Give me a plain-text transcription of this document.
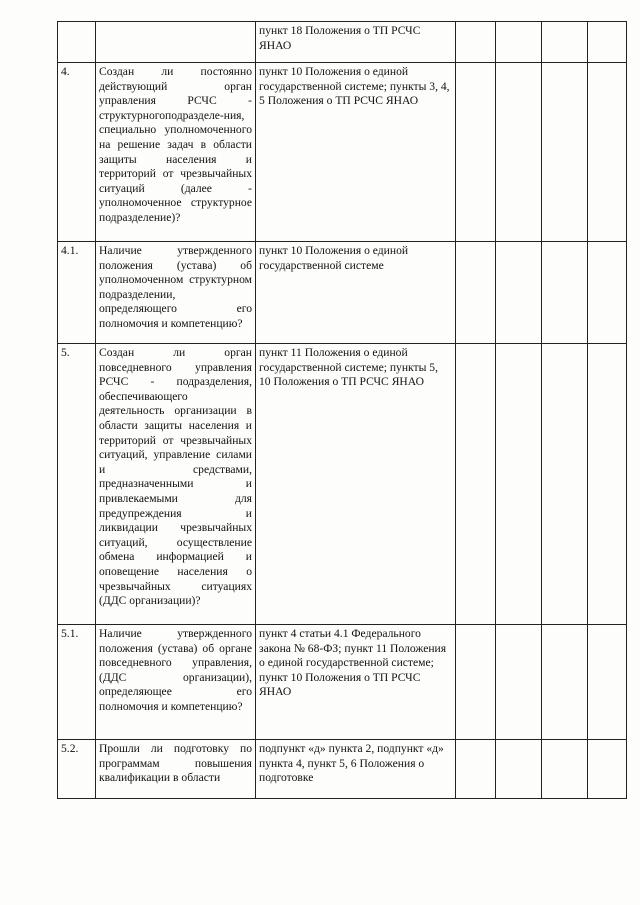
		пункт 18 Положения о ТП РСЧС ЯНАО				
4.	Создан ли постоянно действующий орган управления РСЧС - структурногоподразделе-ния, специально уполномоченного на решение задач в области защиты населения и территорий от чрезвычайных ситуаций (далее - уполномоченное структурное подразделение)?	пункт 10 Положения о единой государственной системе; пункты 3, 4, 5 Положения о ТП РСЧС ЯНАО				
4.1.	Наличие утвержденного положения (устава) об уполномоченном структурном подразделении, определяющего его полномочия и компетенцию?	пункт 10 Положения о единой государственной системе				
5.	Создан ли орган повседневного управления РСЧС - подразделения, обеспечивающего деятельность организации в области защиты населения и территорий от чрезвычайных ситуаций, управление силами и средствами, предназначенными и привлекаемыми для предупреждения и ликвидации чрезвычайных ситуаций, осуществление обмена информацией и оповещение населения о чрезвычайных ситуациях (ДДС организации)?	пункт 11 Положения о единой государственной системе; пункты 5, 10 Положения о ТП РСЧС ЯНАО				
5.1.	Наличие утвержденного положения (устава) об органе повседневного управления,(ДДС организации), определяющее его полномочия и компетенцию?	пункт 4 статьи 4.1 Федерального закона № 68-ФЗ; пункт 11 Положения о единой государственной системе; пункт 10 Положения о ТП РСЧС ЯНАО				
5.2.	Прошли ли подготовку по программам повышения квалификации в области	подпункт «д» пункта 2, подпункт «д» пункта 4, пункт 5, 6 Положения о подготовке				
